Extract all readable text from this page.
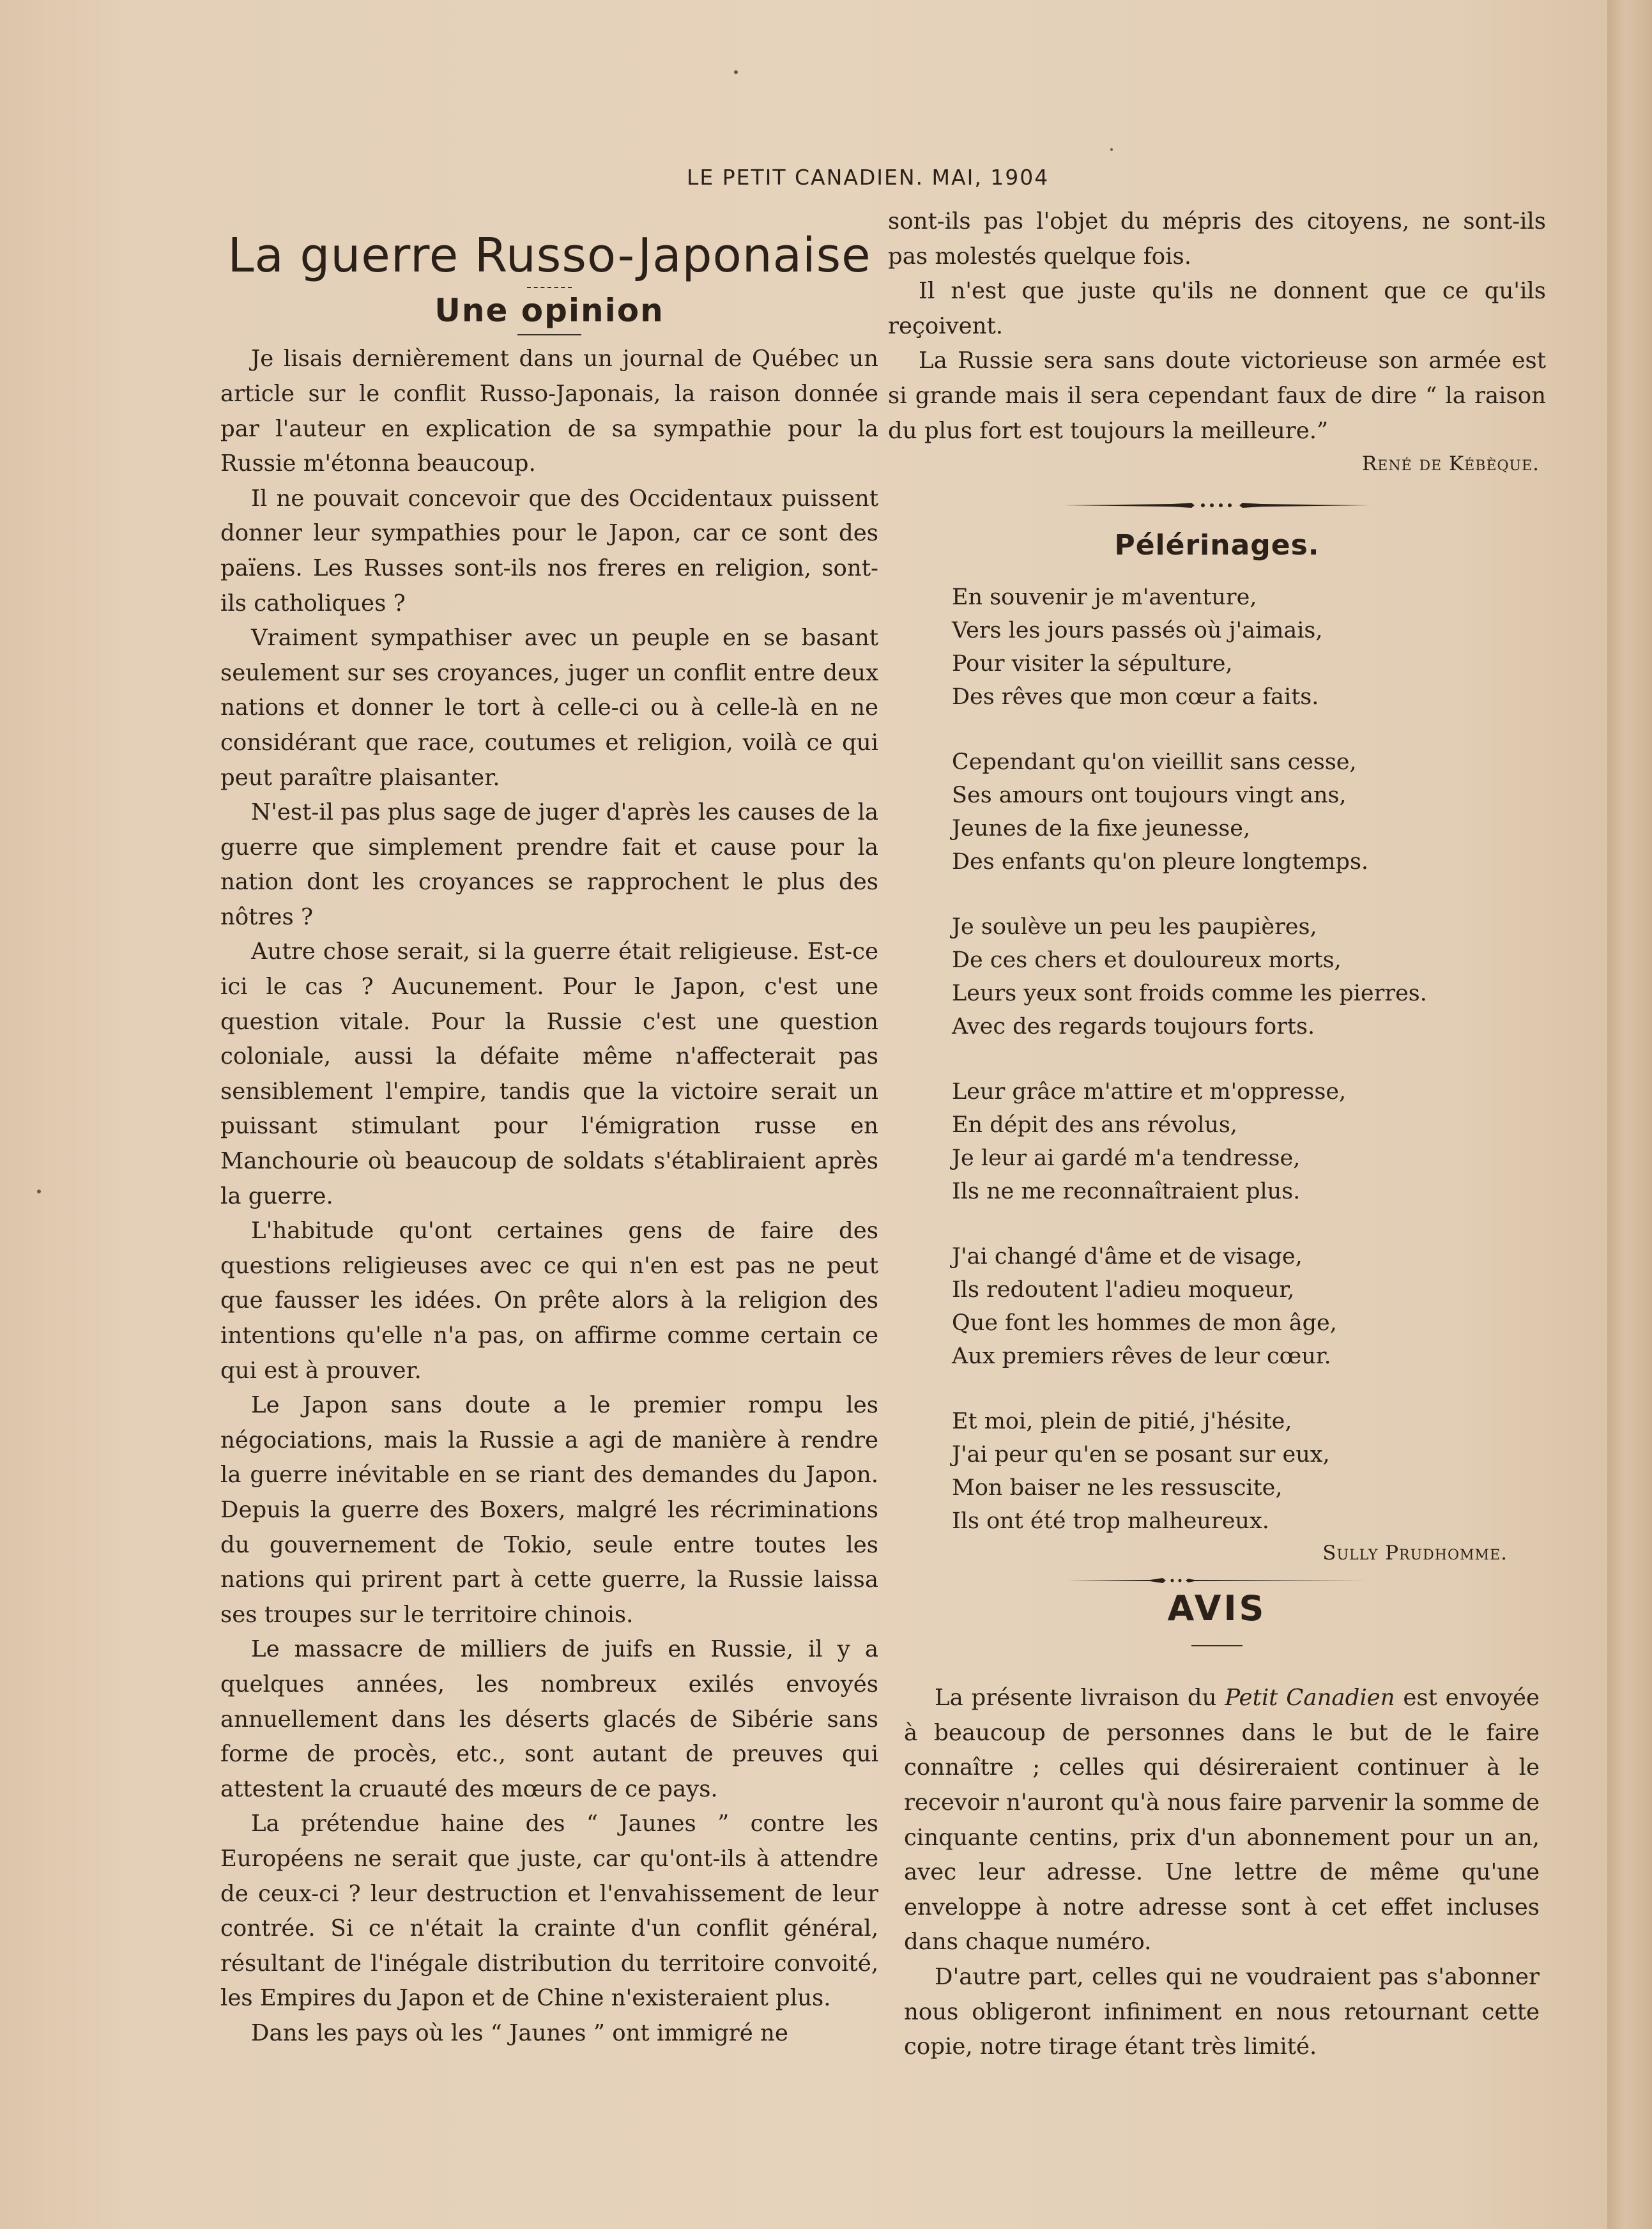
LE PETIT CANADIEN. MAI, 1904
La guerre Russo-Japonaise
Une opinion

Je lisais dernièrement dans un journal de Québec un article sur le conflit Russo-Japonais, la raison donnée par l'auteur en explication de sa sympathie pour la Russie m'étonna beaucoup.

Il ne pouvait concevoir que des Occidentaux puissent donner leur sympathies pour le Japon, car ce sont des païens. Les Russes sont-ils nos freres en religion, sont-ils catholiques ?

Vraiment sympathiser avec un peuple en se basant seulement sur ses croyances, juger un conflit entre deux nations et donner le tort à celle-ci ou à celle-là en ne considérant que race, coutumes et religion, voilà ce qui peut paraître plaisanter.

N'est-il pas plus sage de juger d'après les causes de la guerre que simplement prendre fait et cause pour la nation dont les croyances se rapprochent le plus des nôtres ?

Autre chose serait, si la guerre était religieuse. Est-ce ici le cas ? Aucunement. Pour le Japon, c'est une question vitale. Pour la Russie c'est une question coloniale, aussi la défaite même n'affecterait pas sensiblement l'empire, tandis que la victoire serait un puissant stimulant pour l'émigration russe en Manchourie où beaucoup de soldats s'établiraient après la guerre.

L'habitude qu'ont certaines gens de faire des questions religieuses avec ce qui n'en est pas ne peut que fausser les idées. On prête alors à la religion des intentions qu'elle n'a pas, on affirme comme certain ce qui est à prouver.

Le Japon sans doute a le premier rompu les négociations, mais la Russie a agi de manière à rendre la guerre inévitable en se riant des demandes du Japon. Depuis la guerre des Boxers, malgré les récriminations du gouvernement de Tokio, seule entre toutes les nations qui prirent part à cette guerre, la Russie laissa ses troupes sur le territoire chinois.

Le massacre de milliers de juifs en Russie, il y a quelques années, les nombreux exilés envoyés annuellement dans les déserts glacés de Sibérie sans forme de procès, etc., sont autant de preuves qui attestent la cruauté des mœurs de ce pays.

La prétendue haine des “ Jaunes ” contre les Européens ne serait que juste, car qu'ont-ils à attendre de ceux-ci ? leur destruction et l'envahissement de leur contrée. Si ce n'était la crainte d'un conflit général, résultant de l'inégale distribution du territoire convoité, les Empires du Japon et de Chine n'existeraient plus.

Dans les pays où les “ Jaunes ” ont immigré ne

sont-ils pas l'objet du mépris des citoyens, ne sont-ils pas molestés quelque fois.

Il n'est que juste qu'ils ne donnent que ce qu'ils reçoivent.

La Russie sera sans doute victorieuse son armée est si grande mais il sera cependant faux de dire “ la raison du plus fort est toujours la meilleure.”

René de Kébèque.
Pélérinages.
En souvenir je m'aventure,
Vers les jours passés où j'aimais,
Pour visiter la sépulture,
Des rêves que mon cœur a faits.
Cependant qu'on vieillit sans cesse,
Ses amours ont toujours vingt ans,
Jeunes de la fixe jeunesse,
Des enfants qu'on pleure longtemps.
Je soulève un peu les paupières,
De ces chers et douloureux morts,
Leurs yeux sont froids comme les pierres.
Avec des regards toujours forts.
Leur grâce m'attire et m'oppresse,
En dépit des ans révolus,
Je leur ai gardé m'a tendresse,
Ils ne me reconnaîtraient plus.
J'ai changé d'âme et de visage,
Ils redoutent l'adieu moqueur,
Que font les hommes de mon âge,
Aux premiers rêves de leur cœur.
Et moi, plein de pitié, j'hésite,
J'ai peur qu'en se posant sur eux,
Mon baiser ne les ressuscite,
Ils ont été trop malheureux.
Sully Prudhomme.
AVIS

La présente livraison du Petit Canadien est envoyée à beaucoup de personnes dans le but de le faire connaître ; celles qui désireraient continuer à le recevoir n'auront qu'à nous faire parvenir la somme de cinquante centins, prix d'un abonnement pour un an, avec leur adresse. Une lettre de même qu'une enveloppe à notre adresse sont à cet effet incluses dans chaque numéro.

D'autre part, celles qui ne voudraient pas s'abonner nous obligeront infiniment en nous retournant cette copie, notre tirage étant très limité.
